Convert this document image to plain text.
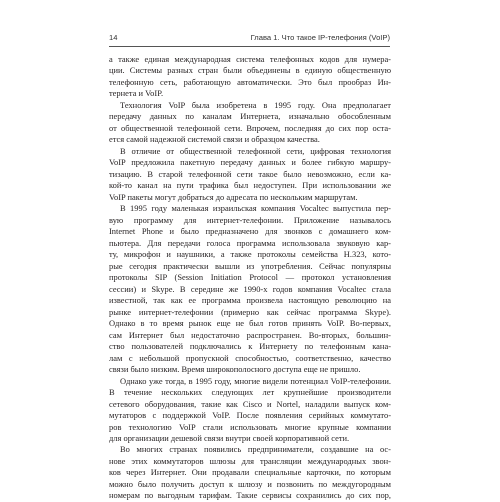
14	Глава 1. Что такое IP-телефония (VoIP)

а также единая международная система телефонных кодов для нумера-
ции. Системы разных стран были объединены в единую общественную
телефонную сеть, работающую автоматически. Это был прообраз Ин-
тернета и VoIP.

Технология VoIP была изобретена в 1995 году. Она предполагает
передачу данных по каналам Интернета, изначально обособленным
от общественной телефонной сети. Впрочем, последняя до сих пор оста-
ется самой надежной системой связи и образцом качества.

В отличие от общественной телефонной сети, цифровая технология
VoIP предложила пакетную передачу данных и более гибкую маршру-
тизацию. В старой телефонной сети такое было невозможно, если ка-
кой-то канал на пути трафика был недоступен. При использовании же
VoIP пакеты могут добраться до адресата по нескольким маршрутам.

В 1995 году маленькая израильская компания Vocaltec выпустила пер-
вую программу для интернет-телефонии. Приложение называлось
Internet Phone и было предназначено для звонков с домашнего ком-
пьютера. Для передачи голоса программа использовала звуковую кар-
ту, микрофон и наушники, а также протоколы семейства H.323, кото-
рые сегодня практически вышли из употребления. Сейчас популярны
протоколы SIP (Session Initiation Protocol — протокол установления
сессии) и Skype. В середине же 1990-х годов компания Vocaltec стала
известной, так как ее программа произвела настоящую революцию на
рынке интернет-телефонии (примерно как сейчас программа Skype).
Однако в то время рынок еще не был готов принять VoIP. Во-первых,
сам Интернет был недостаточно распространен. Во-вторых, большин-
ство пользователей подключались к Интернету по телефонным кана-
лам с небольшой пропускной способностью, соответственно, качество
связи было низким. Время широкополосного доступа еще не пришло.

Однако уже тогда, в 1995 году, многие видели потенциал VoIP-телефонии.
В течение нескольких следующих лет крупнейшие производители
сетевого оборудования, такие как Cisco и Nortel, наладили выпуск ком-
мутаторов с поддержкой VoIP. После появления серийных коммутато-
ров технологию VoIP стали использовать многие крупные компании
для организации дешевой связи внутри своей корпоративной сети.

Во многих странах появились предприниматели, создавшие на ос-
нове этих коммутаторов шлюзы для трансляции международных звон-
ков через Интернет. Они продавали специальные карточки, по которым
можно было получить доступ к шлюзу и позвонить по междугородным
номерам по выгодным тарифам. Такие сервисы сохранились до сих пор,
